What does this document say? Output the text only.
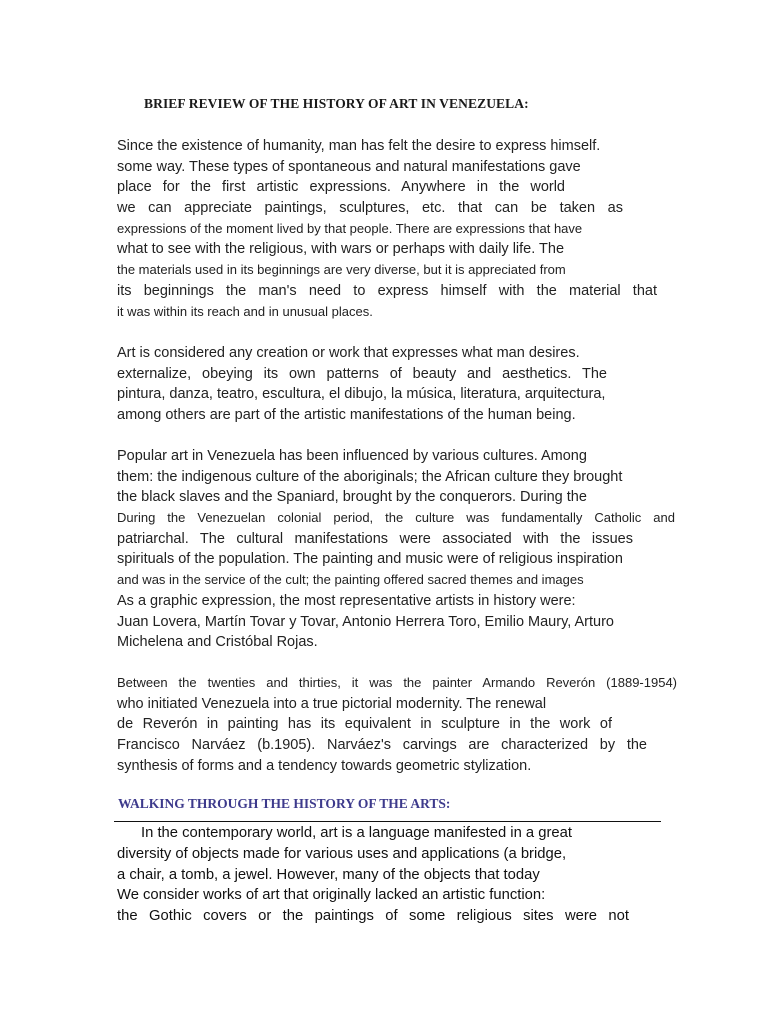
BRIEF REVIEW OF THE HISTORY OF ART IN VENEZUELA:
Since the existence of humanity, man has felt the desire to express himself.
some way. These types of spontaneous and natural manifestations gave
place for the first artistic expressions. Anywhere in the world
we can appreciate paintings, sculptures, etc. that can be taken as
expressions of the moment lived by that people. There are expressions that have
what to see with the religious, with wars or perhaps with daily life. The
the materials used in its beginnings are very diverse, but it is appreciated from
its beginnings the man's need to express himself with the material that
it was within its reach and in unusual places.
Art is considered any creation or work that expresses what man desires.
externalize, obeying its own patterns of beauty and aesthetics. The
pintura, danza, teatro, escultura, el dibujo, la música, literatura, arquitectura,
among others are part of the artistic manifestations of the human being.
Popular art in Venezuela has been influenced by various cultures. Among
them: the indigenous culture of the aboriginals; the African culture they brought
the black slaves and the Spaniard, brought by the conquerors. During the
During the Venezuelan colonial period, the culture was fundamentally Catholic and
patriarchal. The cultural manifestations were associated with the issues
spirituals of the population. The painting and music were of religious inspiration
and was in the service of the cult; the painting offered sacred themes and images
As a graphic expression, the most representative artists in history were:
Juan Lovera, Martín Tovar y Tovar, Antonio Herrera Toro, Emilio Maury, Arturo
Michelena and Cristóbal Rojas.
Between the twenties and thirties, it was the painter Armando Reverón (1889-1954)
who initiated Venezuela into a true pictorial modernity. The renewal
de Reverón in painting has its equivalent in sculpture in the work of
Francisco Narváez (b.1905). Narváez's carvings are characterized by the
synthesis of forms and a tendency towards geometric stylization.
WALKING THROUGH THE HISTORY OF THE ARTS:
In the contemporary world, art is a language manifested in a great
diversity of objects made for various uses and applications (a bridge,
a chair, a tomb, a jewel. However, many of the objects that today
We consider works of art that originally lacked an artistic function:
the Gothic covers or the paintings of some religious sites were not
